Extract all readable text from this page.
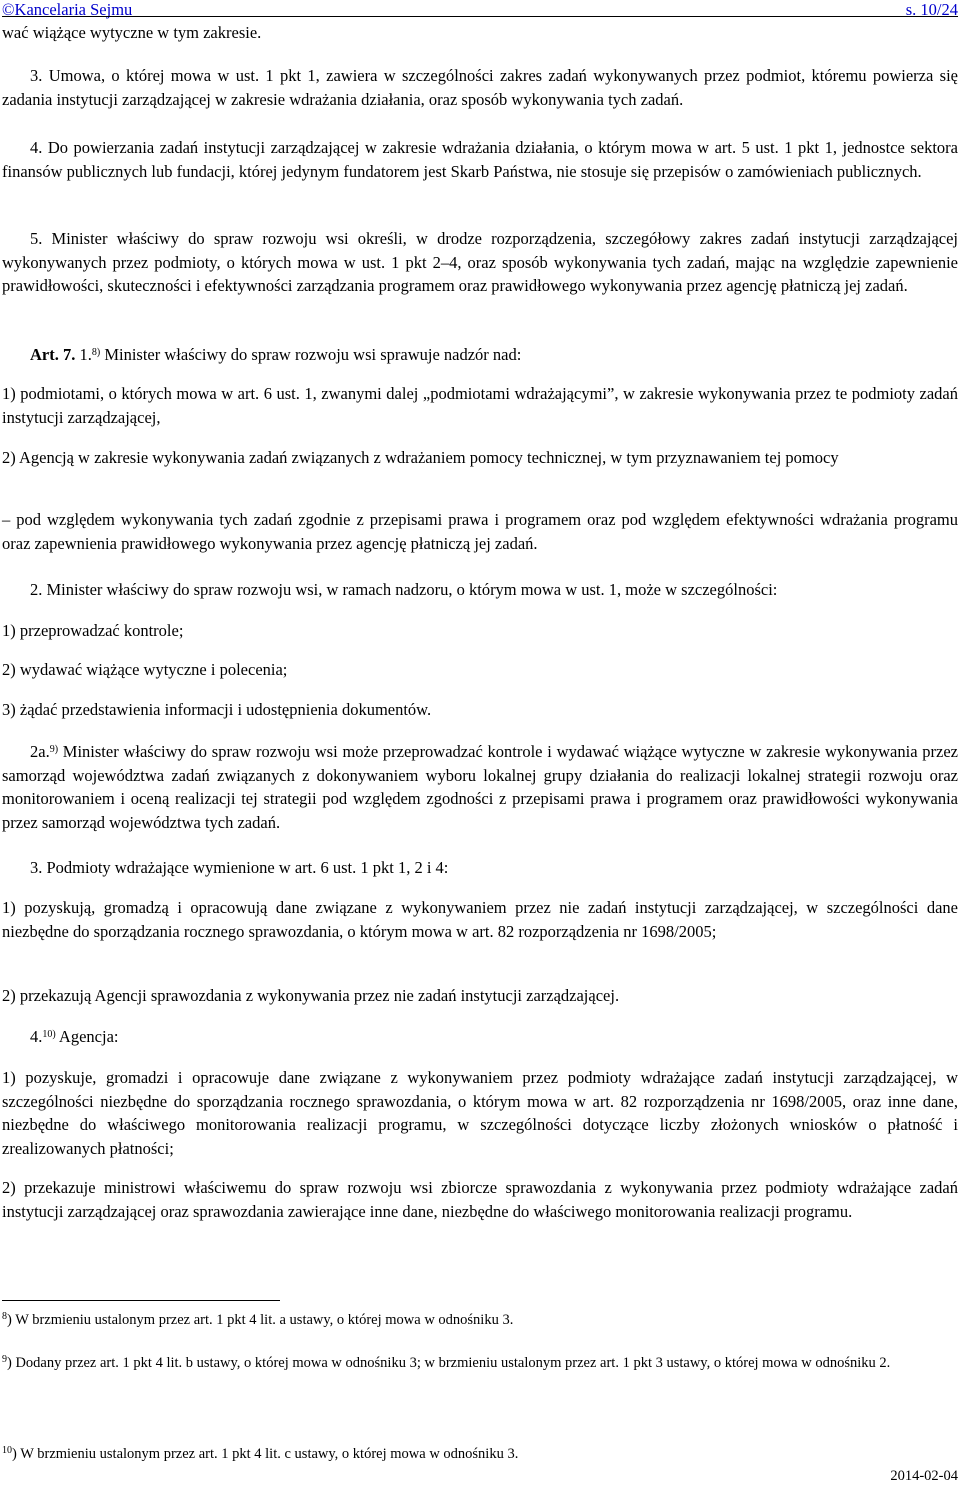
©Kancelaria Sejmu	s. 10/24

wać wiążące wytyczne w tym zakresie.

3. Umowa, o której mowa w ust. 1 pkt 1, zawiera w szczególności zakres zadań wykonywanych przez podmiot, któremu powierza się zadania instytucji zarządzającej w zakresie wdrażania działania, oraz sposób wykonywania tych zadań.

4. Do powierzania zadań instytucji zarządzającej w zakresie wdrażania działania, o którym mowa w art. 5 ust. 1 pkt 1, jednostce sektora finansów publicznych lub fundacji, której jedynym fundatorem jest Skarb Państwa, nie stosuje się przepisów o zamówieniach publicznych.

5. Minister właściwy do spraw rozwoju wsi określi, w drodze rozporządzenia, szczegółowy zakres zadań instytucji zarządzającej wykonywanych przez podmioty, o których mowa w ust. 1 pkt 2–4, oraz sposób wykonywania tych zadań, mając na względzie zapewnienie prawidłowości, skuteczności i efektywności zarządzania programem oraz prawidłowego wykonywania przez agencję płatniczą jej zadań.

Art. 7. 1.$^{8)}$ Minister właściwy do spraw rozwoju wsi sprawuje nadzór nad:

1) podmiotami, o których mowa w art. 6 ust. 1, zwanymi dalej „podmiotami wdrażającymi”, w zakresie wykonywania przez te podmioty zadań instytucji zarządzającej,

2) Agencją w zakresie wykonywania zadań związanych z wdrażaniem pomocy technicznej, w tym przyznawaniem tej pomocy

– pod względem wykonywania tych zadań zgodnie z przepisami prawa i programem oraz pod względem efektywności wdrażania programu oraz zapewnienia prawidłowego wykonywania przez agencję płatniczą jej zadań.

2. Minister właściwy do spraw rozwoju wsi, w ramach nadzoru, o którym mowa w ust. 1, może w szczególności:

1) przeprowadzać kontrole;

2) wydawać wiążące wytyczne i polecenia;

3) żądać przedstawienia informacji i udostępnienia dokumentów.

2a.$^{9)}$ Minister właściwy do spraw rozwoju wsi może przeprowadzać kontrole i wydawać wiążące wytyczne w zakresie wykonywania przez samorząd województwa zadań związanych z dokonywaniem wyboru lokalnej grupy działania do realizacji lokalnej strategii rozwoju oraz monitorowaniem i oceną realizacji tej strategii pod względem zgodności z przepisami prawa i programem oraz prawidłowości wykonywania przez samorząd województwa tych zadań.

3. Podmioty wdrażające wymienione w art. 6 ust. 1 pkt 1, 2 i 4:

1) pozyskują, gromadzą i opracowują dane związane z wykonywaniem przez nie zadań instytucji zarządzającej, w szczególności dane niezbędne do sporządzania rocznego sprawozdania, o którym mowa w art. 82 rozporządzenia nr 1698/2005;

2) przekazują Agencji sprawozdania z wykonywania przez nie zadań instytucji zarządzającej.

4.$^{10)}$ Agencja:

1) pozyskuje, gromadzi i opracowuje dane związane z wykonywaniem przez podmioty wdrażające zadań instytucji zarządzającej, w szczególności niezbędne do sporządzania rocznego sprawozdania, o którym mowa w art. 82 rozporządzenia nr 1698/2005, oraz inne dane, niezbędne do właściwego monitorowania realizacji programu, w szczególności dotyczące liczby złożonych wniosków o płatność i zrealizowanych płatności;

2) przekazuje ministrowi właściwemu do spraw rozwoju wsi zbiorcze sprawozdania z wykonywania przez podmioty wdrażające zadań instytucji zarządzającej oraz sprawozdania zawierające inne dane, niezbędne do właściwego monitorowania realizacji programu.

$^8$) W brzmieniu ustalonym przez art. 1 pkt 4 lit. a ustawy, o której mowa w odnośniku 3.

$^9$) Dodany przez art. 1 pkt 4 lit. b ustawy, o której mowa w odnośniku 3; w brzmieniu ustalonym przez art. 1 pkt 3 ustawy, o której mowa w odnośniku 2.

$^{10}$) W brzmieniu ustalonym przez art. 1 pkt 4 lit. c ustawy, o której mowa w odnośniku 3.

2014-02-04
